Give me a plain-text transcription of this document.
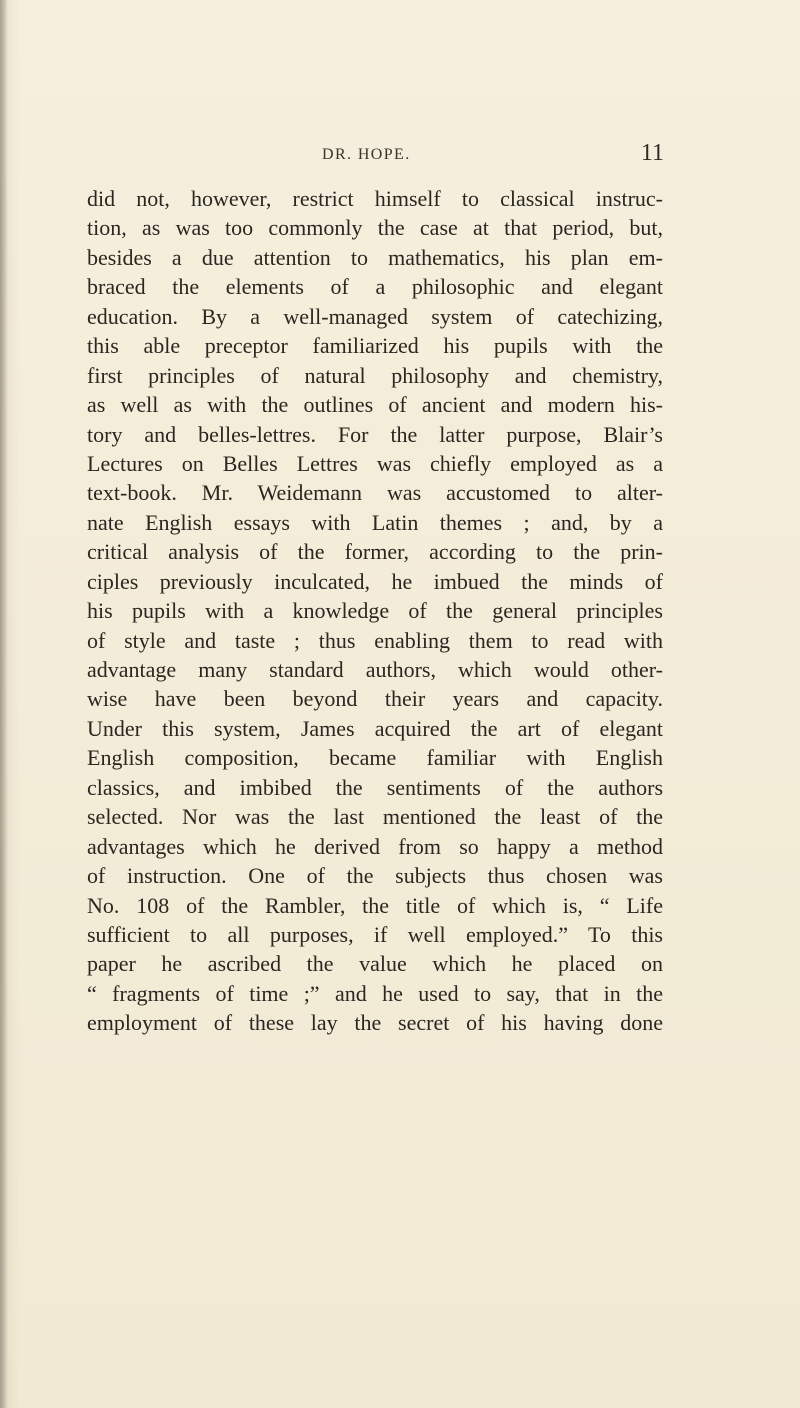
DR. HOPE.	11
did not, however, restrict himself to classical instruc-
tion, as was too commonly the case at that period, but,
besides a due attention to mathematics, his plan em-
braced the elements of a philosophic and elegant
education. By a well-managed system of catechizing,
this able preceptor familiarized his pupils with the
first principles of natural philosophy and chemistry,
as well as with the outlines of ancient and modern his-
tory and belles-lettres. For the latter purpose, Blair’s
Lectures on Belles Lettres was chiefly employed as a
text-book. Mr. Weidemann was accustomed to alter-
nate English essays with Latin themes ; and, by a
critical analysis of the former, according to the prin-
ciples previously inculcated, he imbued the minds of
his pupils with a knowledge of the general principles
of style and taste ; thus enabling them to read with
advantage many standard authors, which would other-
wise have been beyond their years and capacity.
Under this system, James acquired the art of elegant
English composition, became familiar with English
classics, and imbibed the sentiments of the authors
selected. Nor was the last mentioned the least of the
advantages which he derived from so happy a method
of instruction. One of the subjects thus chosen was
No. 108 of the Rambler, the title of which is, “ Life
sufficient to all purposes, if well employed.” To this
paper he ascribed the value which he placed on
“ fragments of time ;” and he used to say, that in the
employment of these lay the secret of his having done
